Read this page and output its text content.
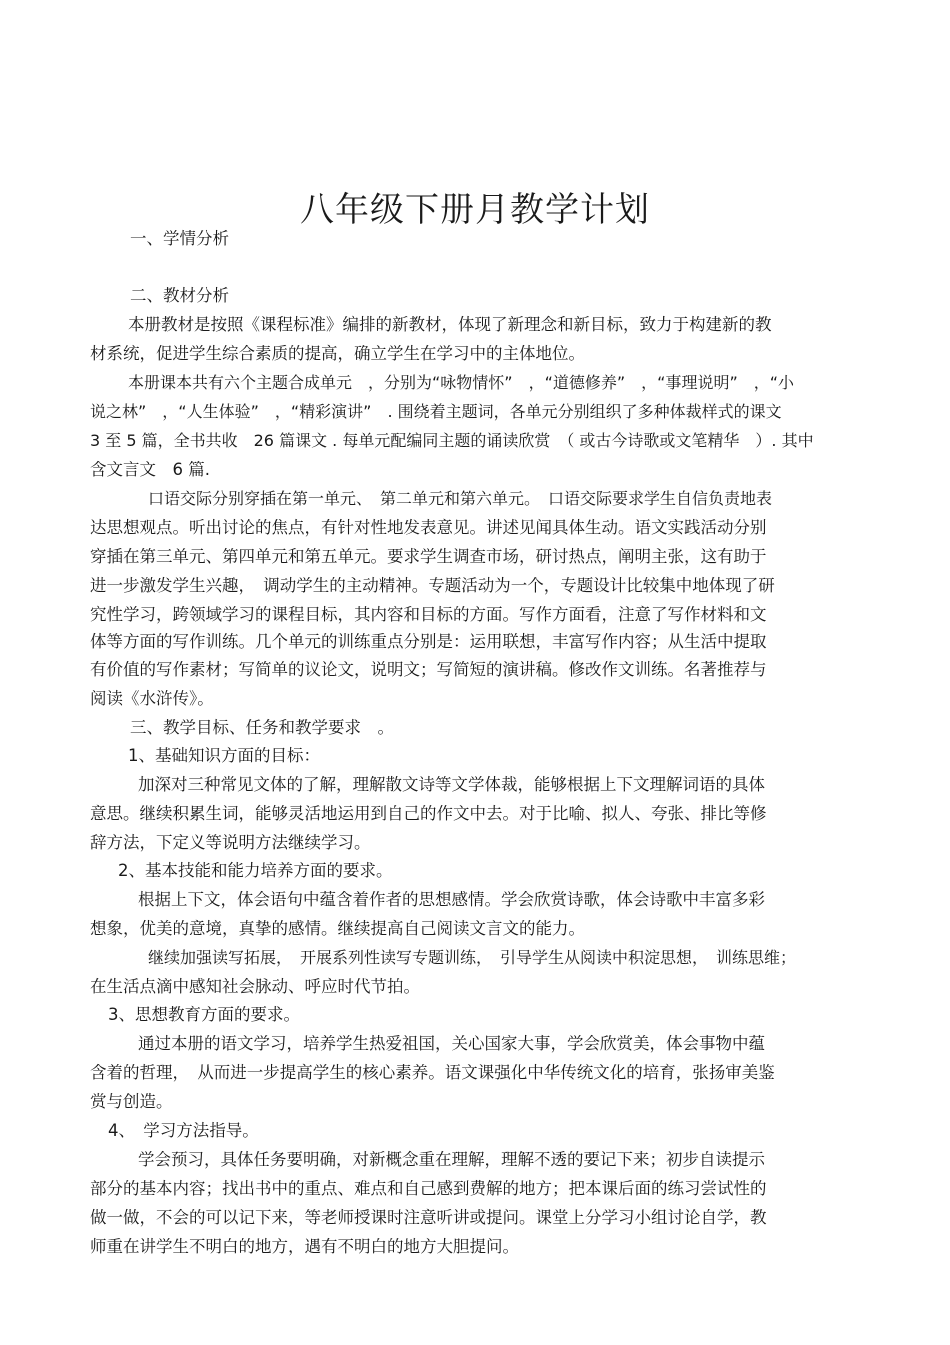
八年级下册月教学计划
一、学情分析
二、教材分析
本册教材是按照《课程标准》编排的新教材，体现了新理念和新目标，致力于构建新的教
材系统，促进学生综合素质的提高，确立学生在学习中的主体地位。
本册课本共有六个主题合成单元　，分别为“咏物情怀”　，“道德修养”　，“事理说明”　，“小
说之林”　，“人生体验”　，“精彩演讲”　. 围绕着主题词，各单元分别组织了多种体裁样式的课文
3 至 5 篇，全书共收　26 篇课文 . 每单元配编同主题的诵读欣赏　（ 或古今诗歌或文笔精华　）. 其中
含文言文　6 篇.
口语交际分别穿插在第一单元、　第二单元和第六单元。　口语交际要求学生自信负责地表
达思想观点。听出讨论的焦点，有针对性地发表意见。讲述见闻具体生动。语文实践活动分别
穿插在第三单元、第四单元和第五单元。要求学生调查市场，研讨热点，阐明主张，这有助于
进一步激发学生兴趣，　调动学生的主动精神。专题活动为一个，专题设计比较集中地体现了研
究性学习，跨领域学习的课程目标，其内容和目标的方面。写作方面看，注意了写作材料和文
体等方面的写作训练。几个单元的训练重点分别是：运用联想，丰富写作内容；从生活中提取
有价值的写作素材；写简单的议论文，说明文；写简短的演讲稿。修改作文训练。名著推荐与
阅读《水浒传》。
三、教学目标、任务和教学要求　。
1、基础知识方面的目标：
加深对三种常见文体的了解，理解散文诗等文学体裁，能够根据上下文理解词语的具体
意思。继续积累生词，能够灵活地运用到自己的作文中去。对于比喻、拟人、夸张、排比等修
辞方法，下定义等说明方法继续学习。
2、基本技能和能力培养方面的要求。
根据上下文，体会语句中蕴含着作者的思想感情。学会欣赏诗歌，体会诗歌中丰富多彩
想象，优美的意境，真挚的感情。继续提高自己阅读文言文的能力。
继续加强读写拓展，　开展系列性读写专题训练，　引导学生从阅读中积淀思想，　训练思维；
在生活点滴中感知社会脉动、呼应时代节拍。
3、思想教育方面的要求。
通过本册的语文学习，培养学生热爱祖国，关心国家大事，学会欣赏美，体会事物中蕴
含着的哲理，　从而进一步提高学生的核心素养。语文课强化中华传统文化的培育，张扬审美鉴
赏与创造。
4、　学习方法指导。
学会预习，具体任务要明确，对新概念重在理解，理解不透的要记下来；初步自读提示
部分的基本内容；找出书中的重点、难点和自己感到费解的地方；把本课后面的练习尝试性的
做一做，不会的可以记下来，等老师授课时注意听讲或提问。课堂上分学习小组讨论自学，教
师重在讲学生不明白的地方，遇有不明白的地方大胆提问。
